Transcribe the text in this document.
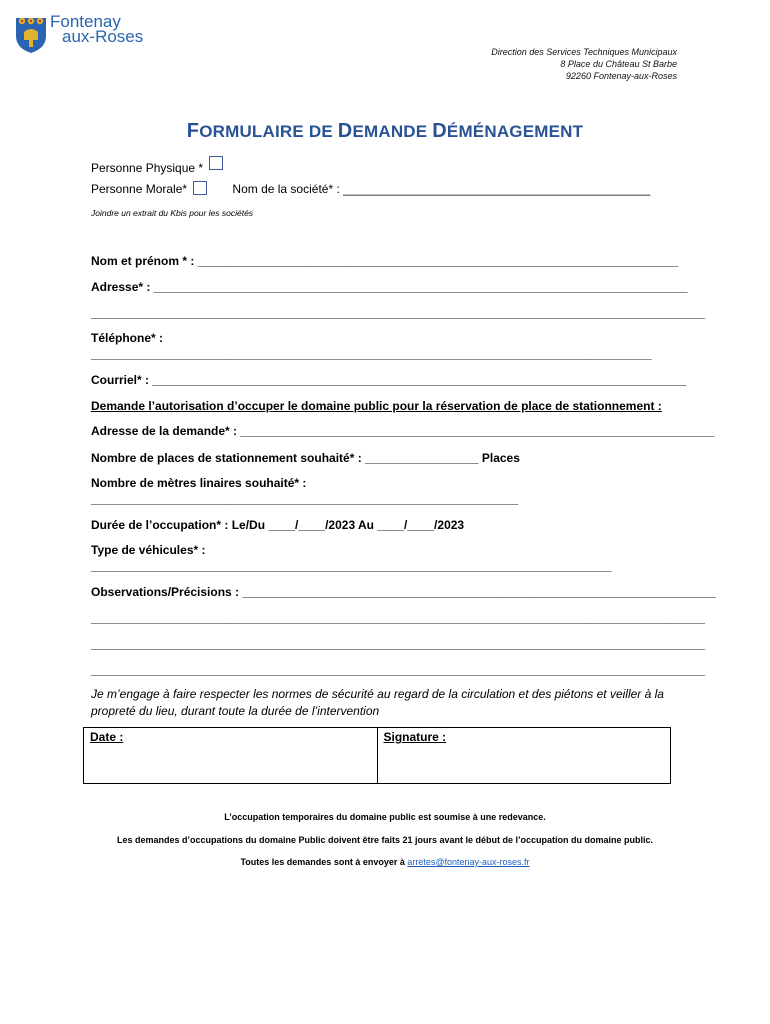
Fontenay
aux-Roses
Direction des Services Techniques Municipaux
8 Place du Château St Barbe
92260 Fontenay-aux-Roses
FORMULAIRE DE DEMANDE DÉMÉNAGEMENT
Personne Physique *
Personne Morale*	Nom de la société* : ______________________________________________
Joindre un extrait du Kbis pour les sociétés
Nom et prénom * : ________________________________________________________________________
Adresse* : ________________________________________________________________________________
____________________________________________________________________________________________
Téléphone* :
____________________________________________________________________________________
Courriel* : ________________________________________________________________________________
Demande l’autorisation d’occuper le domaine public pour la réservation de place de stationnement :
Adresse de la demande* : _______________________________________________________________________
Nombre de places de stationnement souhaité* : _________________ Places
Nombre de mètres linaires souhaité* :
________________________________________________________________
Durée de l’occupation* : Le/Du ____/____/2023 Au ____/____/2023
Type de véhicules* :
______________________________________________________________________________
Observations/Précisions : _______________________________________________________________________
____________________________________________________________________________________________
____________________________________________________________________________________________
____________________________________________________________________________________________
Je m’engage à faire respecter les normes de sécurité au regard de la circulation et des piétons et veiller à la propreté du lieu, durant toute la durée de l’intervention
Date :	Signature :
L’occupation temporaires du domaine public est soumise à une redevance.
Les demandes d’occupations du domaine Public doivent être faits 21 jours avant le début de l’occupation du domaine public.
Toutes les demandes sont à envoyer à arretes@fontenay-aux-roses.fr
